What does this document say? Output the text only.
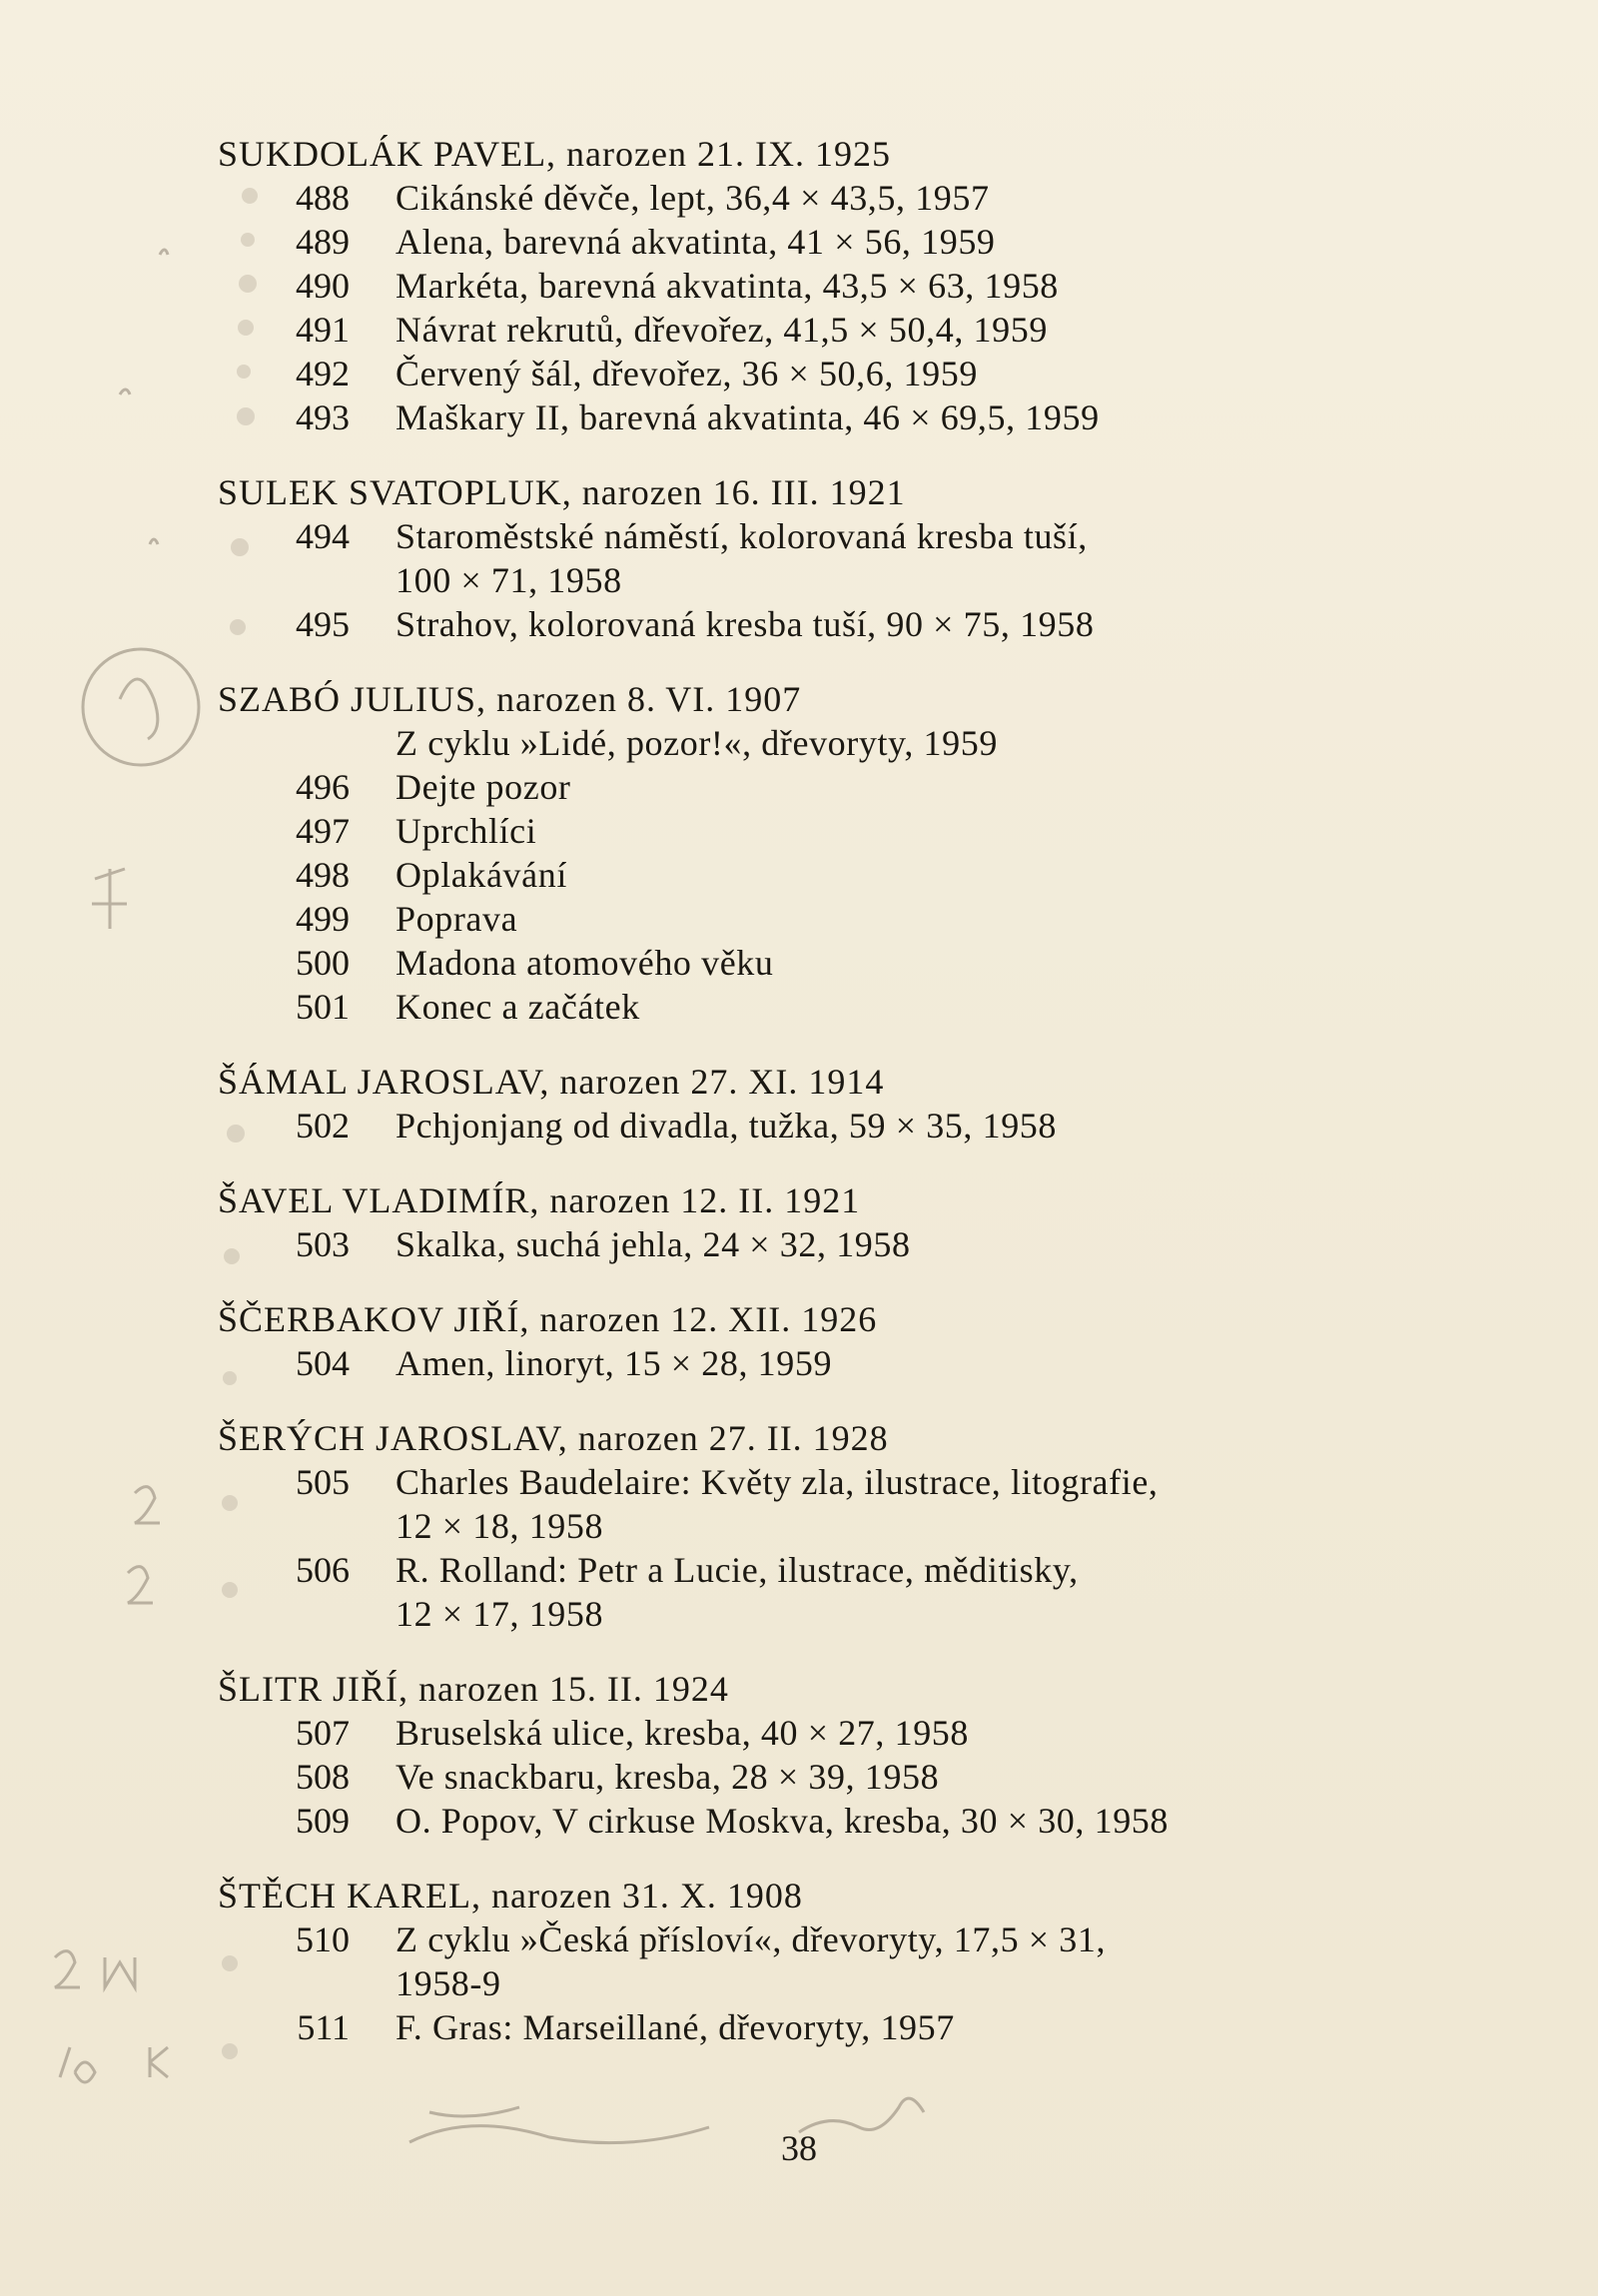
SUKDOLÁK PAVEL, narozen 21. IX. 1925
488	Cikánské děvče, lept, 36,4 × 43,5, 1957
489	Alena, barevná akvatinta, 41 × 56, 1959
490	Markéta, barevná akvatinta, 43,5 × 63, 1958
491	Návrat rekrutů, dřevořez, 41,5 × 50,4, 1959
492	Červený šál, dřevořez, 36 × 50,6, 1959
493	Maškary II, barevná akvatinta, 46 × 69,5, 1959
SULEK SVATOPLUK, narozen 16. III. 1921
494	Staroměstské náměstí, kolorovaná kresba tuší,
100 × 71, 1958
495	Strahov, kolorovaná kresba tuší, 90 × 75, 1958
SZABÓ JULIUS, narozen 8. VI. 1907
Z cyklu »Lidé, pozor!«, dřevoryty, 1959
496	Dejte pozor
497	Uprchlíci
498	Oplakávání
499	Poprava
500	Madona atomového věku
501	Konec a začátek
ŠÁMAL JAROSLAV, narozen 27. XI. 1914
502	Pchjonjang od divadla, tužka, 59 × 35, 1958
ŠAVEL VLADIMÍR, narozen 12. II. 1921
503	Skalka, suchá jehla, 24 × 32, 1958
ŠČERBAKOV JIŘÍ, narozen 12. XII. 1926
504	Amen, linoryt, 15 × 28, 1959
ŠERÝCH JAROSLAV, narozen 27. II. 1928
505	Charles Baudelaire: Květy zla, ilustrace, litografie,
12 × 18, 1958
506	R. Rolland: Petr a Lucie, ilustrace, měditisky,
12 × 17, 1958
ŠLITR JIŘÍ, narozen 15. II. 1924
507	Bruselská ulice, kresba, 40 × 27, 1958
508	Ve snackbaru, kresba, 28 × 39, 1958
509	O. Popov, V cirkuse Moskva, kresba, 30 × 30, 1958
ŠTĚCH KAREL, narozen 31. X. 1908
510	Z cyklu »Česká přísloví«, dřevoryty, 17,5 × 31,
1958-9
511	F. Gras: Marseillané, dřevoryty, 1957
38
